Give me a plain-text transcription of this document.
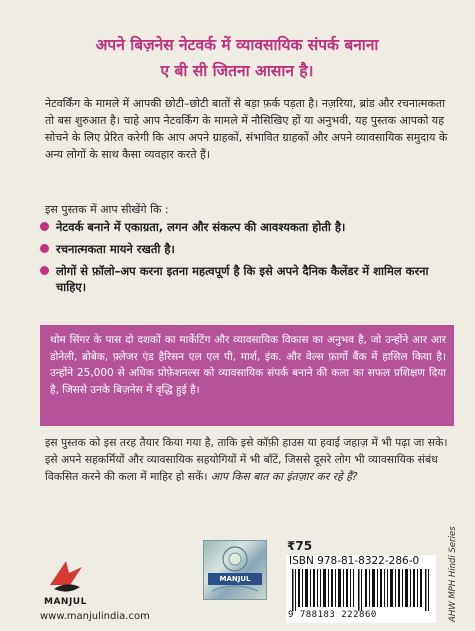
अपने बिज़नेस नेटवर्क में व्यावसायिक संपर्क बनाना
ए बी सी जितना आसान है।
नेटवर्किंग के मामले में आपकी छोटी–छोटी बातों से बड़ा फ़र्क पड़ता है। नज़रिया, ब्रांड और रचनात्मकता तो बस शुरुआत है। चाहे आप नेटवर्किंग के मामले में नौसिखिए हों या अनुभवी, यह पुस्तक आपको यह सोचने के लिए प्रेरित करेगी कि आप अपने ग्राहकों, संभावित ग्राहकों और अपने व्यावसायिक समुदाय के अन्य लोगों के साथ कैसा व्यवहार करते हैं।
इस पुस्तक में आप सीखेंगे कि :
नेटवर्क बनाने में एकाग्रता, लगन और संकल्प की आवश्यकता होती है।
रचनात्मकता मायने रखती है।
लोगों से फ़ॉलो–अप करना इतना महत्वपूर्ण है कि इसे अपने दैनिक कैलेंडर में शामिल करना चाहिए।
थोम सिंगर के पास दो दशकों का मार्केटिंग और व्यावसायिक विकास का अनुभव है, जो उन्होंने आर आर डोनेली, ब्रोबेक, फ़्लेजर एंड हैरिसन एल एल पी, मार्श, इंक. और वेल्स फ़ार्गो बैंक में हासिल किया है। उन्होंने 25,000 से अधिक प्रोफ़ेशनल्स को व्यावसायिक संपर्क बनाने की कला का सफल प्रशिक्षण दिया है, जिससे उनके बिज़नेस में वृद्धि हुई है।
इस पुस्तक को इस तरह तैयार किया गया है, ताकि इसे कॉफ़ी हाउस या हवाई जहाज़ में भी पढ़ा जा सके। इसे अपने सहकर्मियों और व्यावसायिक सहयोगियों में भी बाँटें, जिससे दूसरे लोग भी व्यावसायिक संबंध विकसित करने की कला में माहिर हो सकें। आप किस बात का इंतज़ार कर रहे हैं?
MANJUL
www.manjulindia.com
MANJUL
₹75
ISBN 978-81-8322-286-0
9 788183 222860	AHW MPH Hindi Series
